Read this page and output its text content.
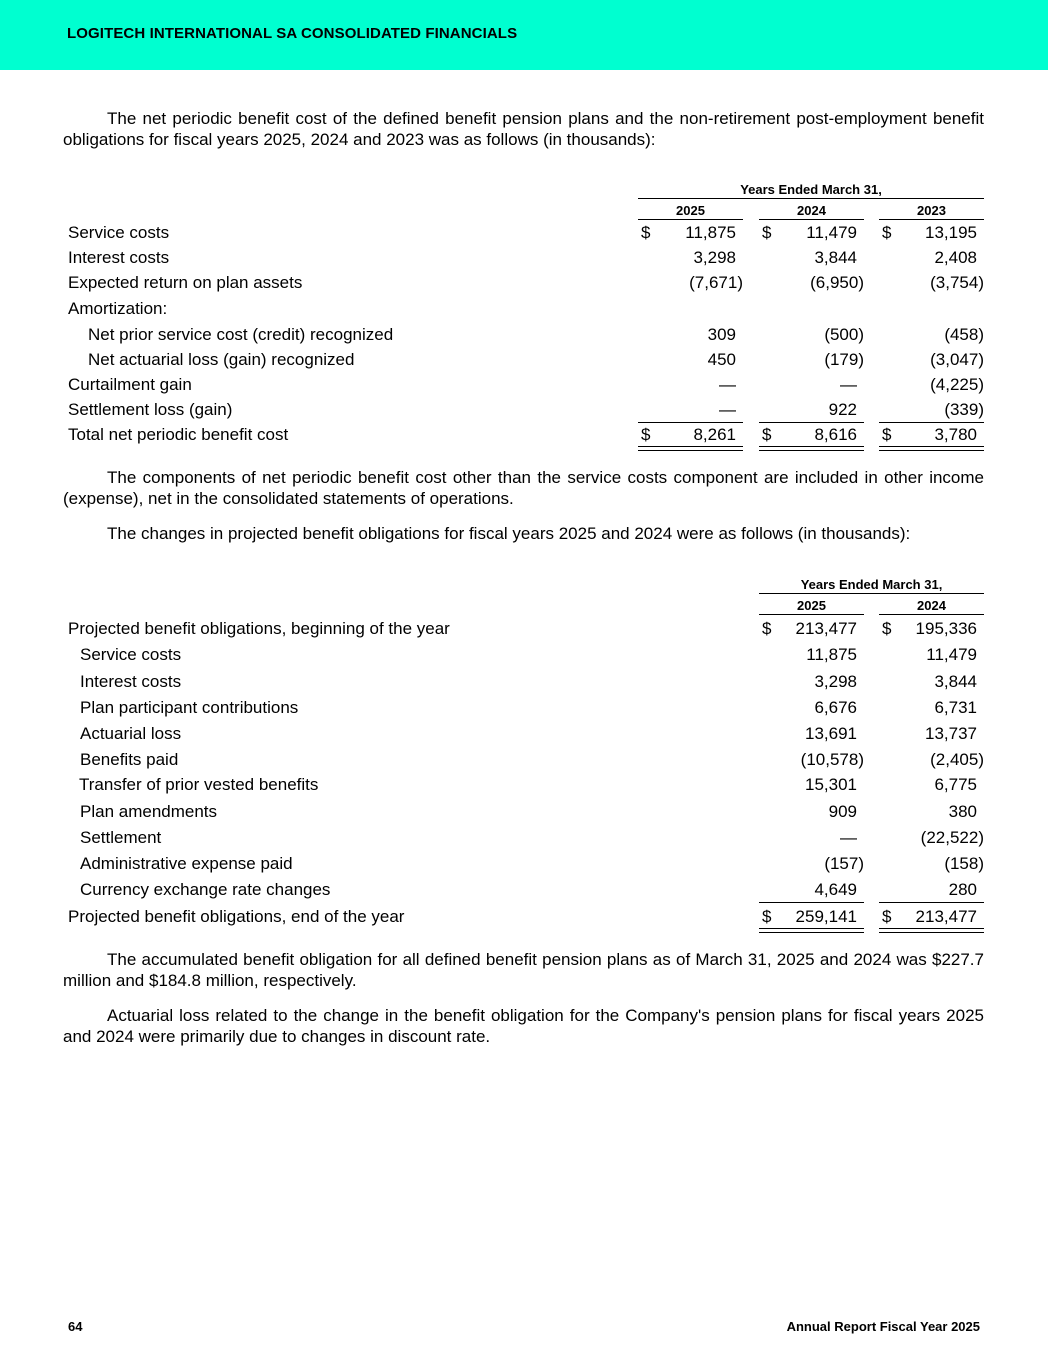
LOGITECH INTERNATIONAL SA CONSOLIDATED FINANCIALS

The net periodic benefit cost of the defined benefit pension plans and the non-retirement post-employment benefit obligations for fiscal years 2025, 2024 and 2023 was as follows (in thousands):

Years Ended March 31,
2025	2024	2023
Service costs	$	11,875 $	11,479 $	13,195
Interest costs	3,298	3,844	2,408
Expected return on plan assets	(7,671)	(6,950)	(3,754)
Amortization:
Net prior service cost (credit) recognized	309	(500)	(458)
Net actuarial loss (gain) recognized	450	(179)	(3,047)
Curtailment gain	—	—	(4,225)
Settlement loss (gain)	—	922	(339)
Total net periodic benefit cost	$	8,261 $	8,616 $	3,780

The components of net periodic benefit cost other than the service costs component are included in other income (expense), net in the consolidated statements of operations.

The changes in projected benefit obligations for fiscal years 2025 and 2024 were as follows (in thousands):

Years Ended March 31,
2025	2024
Projected benefit obligations, beginning of the year	$	213,477 $	195,336
Service costs	11,875	11,479
Interest costs	3,298	3,844
Plan participant contributions	6,676	6,731
Actuarial loss	13,691	13,737
Benefits paid	(10,578)	(2,405)
Transfer of prior vested benefits	15,301	6,775
Plan amendments	909	380
Settlement	—	(22,522)
Administrative expense paid	(157)	(158)
Currency exchange rate changes	4,649	280
Projected benefit obligations, end of the year	$	259,141 $	213,477

The accumulated benefit obligation for all defined benefit pension plans as of March 31, 2025 and 2024 was $227.7 million and $184.8 million, respectively.

Actuarial loss related to the change in the benefit obligation for the Company's pension plans for fiscal years 2025 and 2024 were primarily due to changes in discount rate.

64	Annual Report Fiscal Year 2025
